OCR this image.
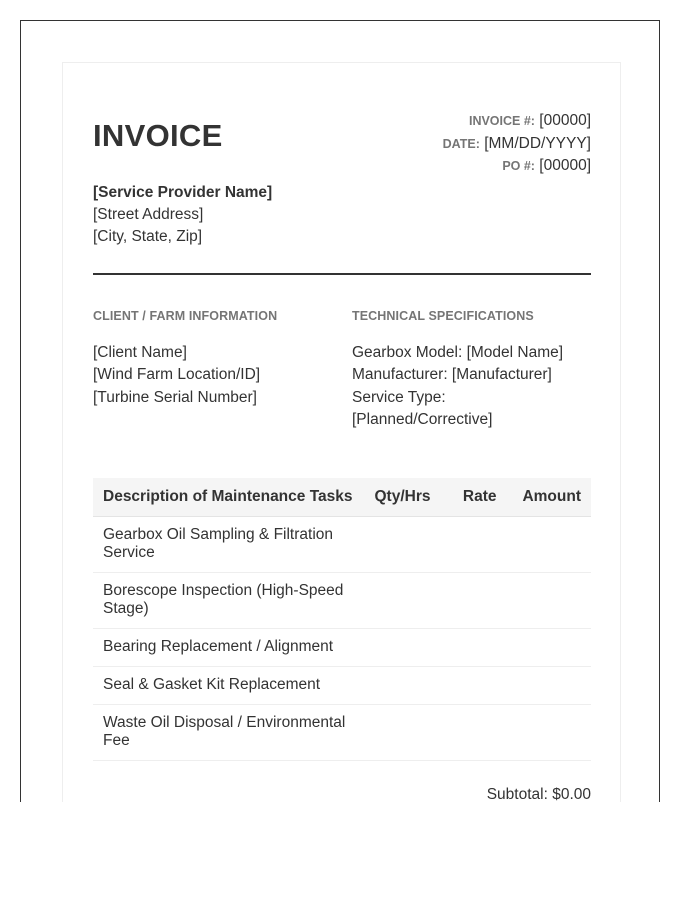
INVOICE	INVOICE #: [00000]
DATE: [MM/DD/YYYY]
PO #: [00000]
[Service Provider Name]
[Street Address]
[City, State, Zip]
CLIENT / FARM INFORMATION
[Client Name]
[Wind Farm Location/ID]
[Turbine Serial Number]
TECHNICAL SPECIFICATIONS
Gearbox Model: [Model Name]
Manufacturer: [Manufacturer]
Service Type:
[Planned/Corrective]
Description of Maintenance Tasks	Qty/Hrs	Rate	Amount
Gearbox Oil Sampling & Filtration Service			
Borescope Inspection (High-Speed Stage)			
Bearing Replacement / Alignment			
Seal & Gasket Kit Replacement			
Waste Oil Disposal / Environmental Fee			
Subtotal: $0.00
